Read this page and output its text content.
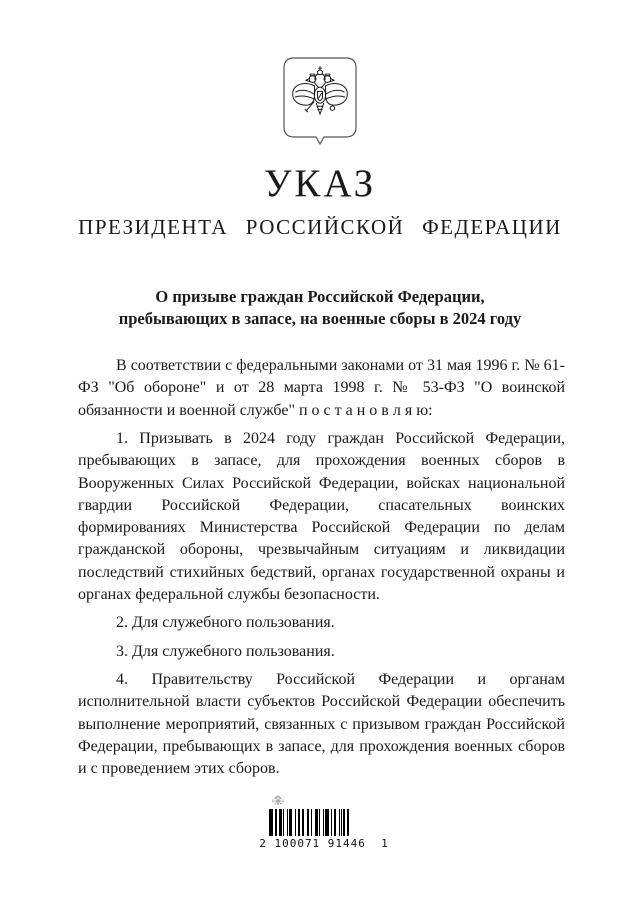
УКАЗ
ПРЕЗИДЕНТА РОССИЙСКОЙ ФЕДЕРАЦИИ
О призыве граждан Российской Федерации,
пребывающих в запасе, на военные сборы в 2024 году

В соответствии с федеральными законами от 31 мая 1996 г. № 61-ФЗ "Об обороне" и от 28 марта 1998 г. № 53-ФЗ "О воинской обязанности и военной службе" п о с т а н о в л я ю:

1. Призывать в 2024 году граждан Российской Федерации, пребывающих в запасе, для прохождения военных сборов в Вооруженных Силах Российской Федерации, войсках национальной гвардии Российской Федерации, спасательных воинских формированиях Министерства Российской Федерации по делам гражданской обороны, чрезвычайным ситуациям и ликвидации последствий стихийных бедствий, органах государственной охраны и органах федеральной службы безопасности.

2. Для служебного пользования.

3. Для служебного пользования.

4. Правительству Российской Федерации и органам исполнительной власти субъектов Российской Федерации обеспечить выполнение мероприятий, связанных с призывом граждан Российской Федерации, пребывающих в запасе, для прохождения военных сборов и с проведением этих сборов.

2 100071 91446  1
